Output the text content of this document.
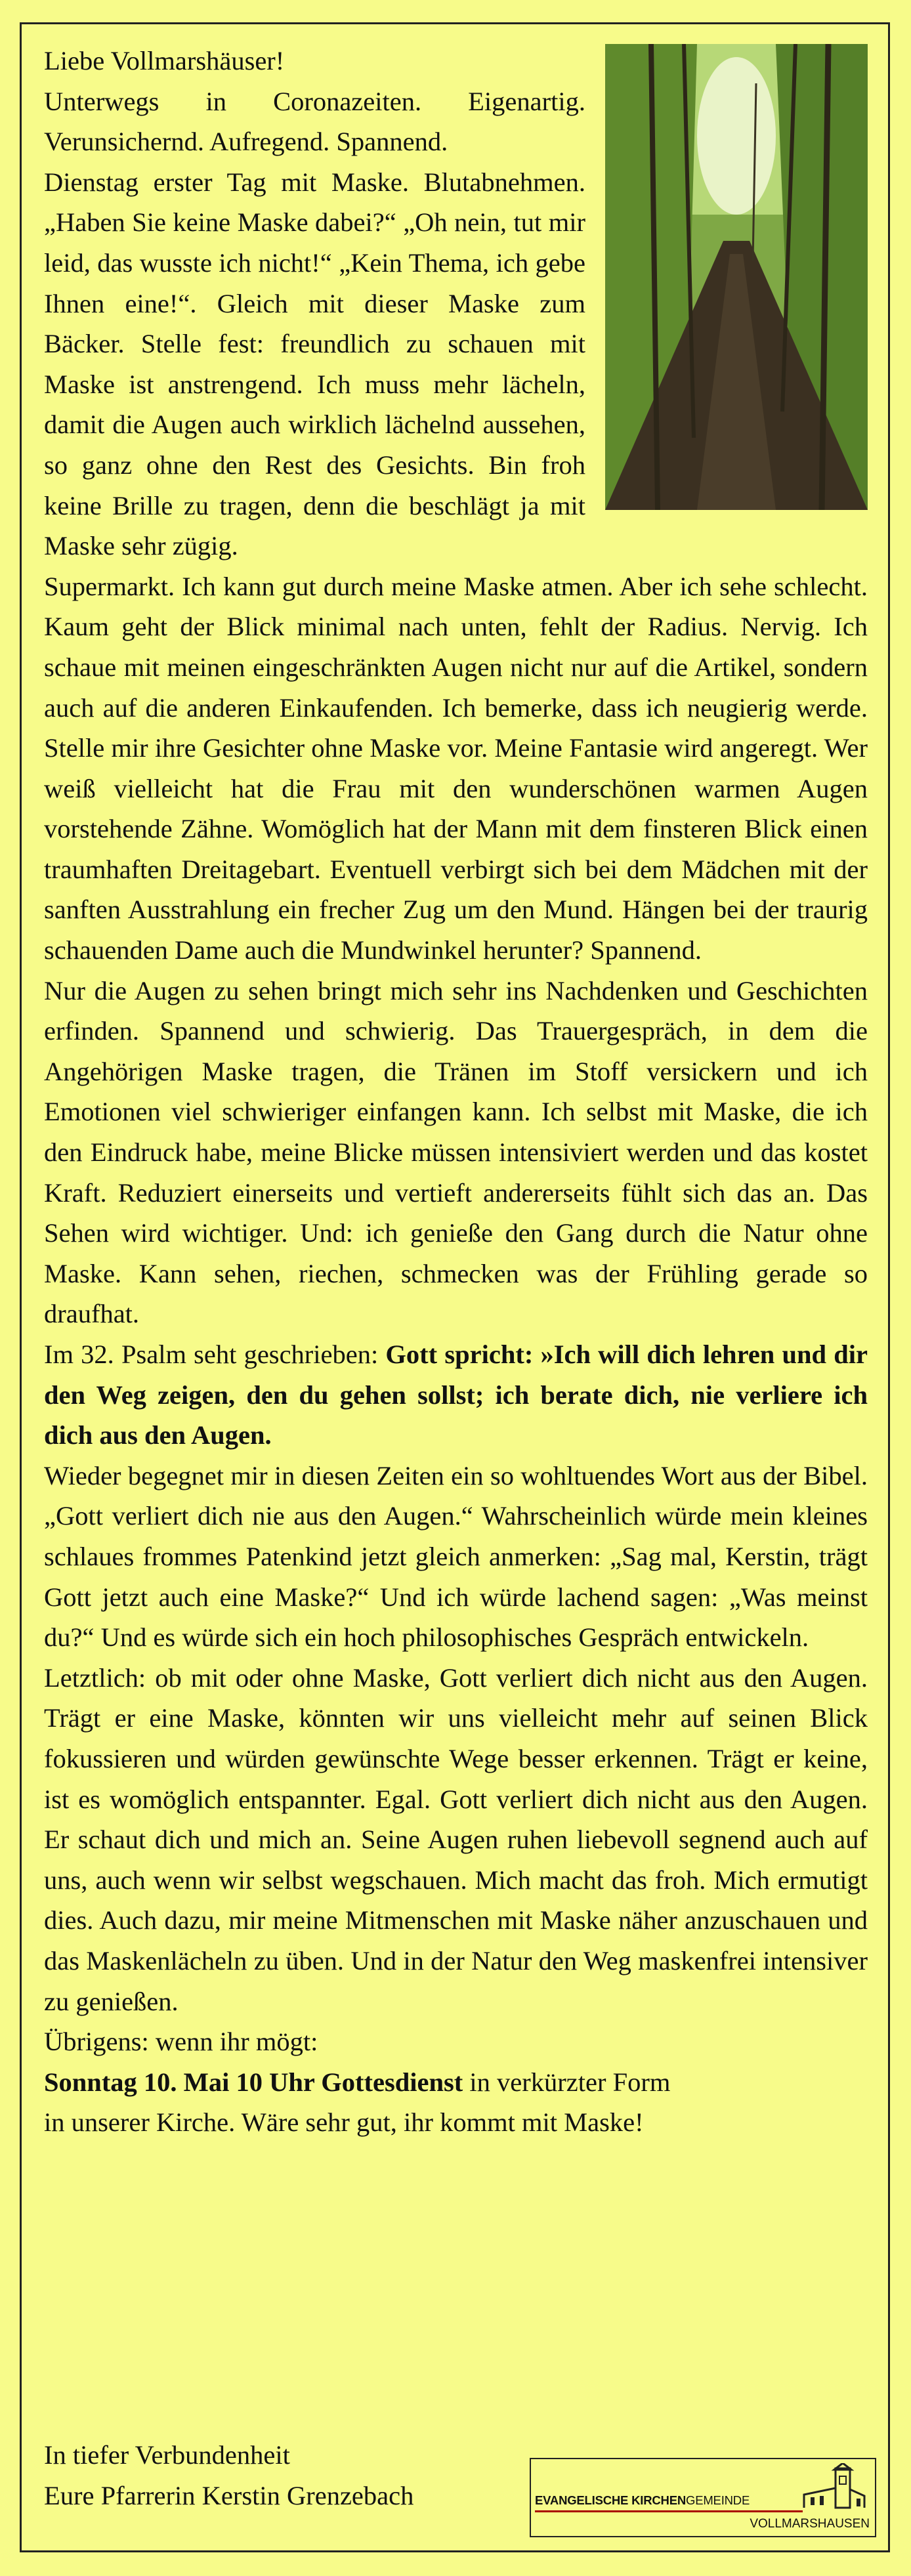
Liebe Vollmarshäuser!

Unterwegs in Coronazeiten. Eigenartig. Verunsichernd. Aufregend. Spannend.

Dienstag erster Tag mit Maske. Blutabnehmen. „Haben Sie keine Maske dabei?“ „Oh nein, tut mir leid, das wusste ich nicht!“ „Kein Thema, ich gebe Ihnen eine!“. Gleich mit dieser Maske zum Bäcker. Stelle fest: freundlich zu schauen mit Maske ist anstrengend. Ich muss mehr lächeln, damit die Augen auch wirklich lächelnd aussehen, so ganz ohne den Rest des Gesichts. Bin froh keine Brille zu tragen, denn die beschlägt ja mit Maske sehr zügig.

Supermarkt. Ich kann gut durch meine Maske atmen. Aber ich sehe schlecht. Kaum geht der Blick minimal nach unten, fehlt der Radius. Nervig. Ich schaue mit meinen eingeschränkten Augen nicht nur auf die Artikel, sondern auch auf die anderen Einkaufenden. Ich bemerke, dass ich neugierig werde. Stelle mir ihre Gesichter ohne Maske vor. Meine Fantasie wird angeregt. Wer weiß vielleicht hat die Frau mit den wunderschönen warmen Augen vorstehende Zähne. Womöglich hat der Mann mit dem finsteren Blick einen traumhaften Dreitagebart. Eventuell verbirgt sich bei dem Mädchen mit der sanften Ausstrahlung ein frecher Zug um den Mund. Hängen bei der traurig schauenden Dame auch die Mundwinkel herunter? Spannend.

Nur die Augen zu sehen bringt mich sehr ins Nachdenken und Geschichten erfinden. Spannend und schwierig. Das Trauergespräch, in dem die Angehörigen Maske tragen, die Tränen im Stoff versickern und ich Emotionen viel schwieriger einfangen kann. Ich selbst mit Maske, die ich den Eindruck habe, meine Blicke müssen intensiviert werden und das kostet Kraft. Reduziert einerseits und vertieft andererseits fühlt sich das an. Das Sehen wird wichtiger. Und: ich genieße den Gang durch die Natur ohne Maske. Kann sehen, riechen, schmecken was der Frühling gerade so draufhat.

Im 32. Psalm seht geschrieben: Gott spricht: »Ich will dich lehren und dir den Weg zeigen, den du gehen sollst; ich berate dich, nie verliere ich dich aus den Augen.

Wieder begegnet mir in diesen Zeiten ein so wohltuendes Wort aus der Bibel. „Gott verliert dich nie aus den Augen.“ Wahrscheinlich würde mein kleines schlaues frommes Patenkind jetzt gleich anmerken: „Sag mal, Kerstin, trägt Gott jetzt auch eine Maske?“ Und ich würde lachend sagen: „Was meinst du?“ Und es würde sich ein hoch philosophisches Gespräch entwickeln.

Letztlich: ob mit oder ohne Maske, Gott verliert dich nicht aus den Augen. Trägt er eine Maske, könnten wir uns vielleicht mehr auf seinen Blick fokussieren und würden gewünschte Wege besser erkennen. Trägt er keine, ist es womöglich entspannter. Egal. Gott verliert dich nicht aus den Augen. Er schaut dich und mich an. Seine Augen ruhen liebevoll segnend auch auf uns, auch wenn wir selbst wegschauen. Mich macht das froh. Mich ermutigt dies. Auch dazu, mir meine Mitmenschen mit Maske näher anzuschauen und das Maskenlächeln zu üben. Und in der Natur den Weg maskenfrei intensiver zu genießen.

Übrigens: wenn ihr mögt:

Sonntag 10. Mai 10 Uhr Gottesdienst in verkürzter Form

in unserer Kirche. Wäre sehr gut, ihr kommt mit Maske!

In tiefer Verbundenheit
Eure Pfarrerin Kerstin Grenzebach	EVANGELISCHE KIRCHENGEMEINDE
VOLLMARSHAUSEN
